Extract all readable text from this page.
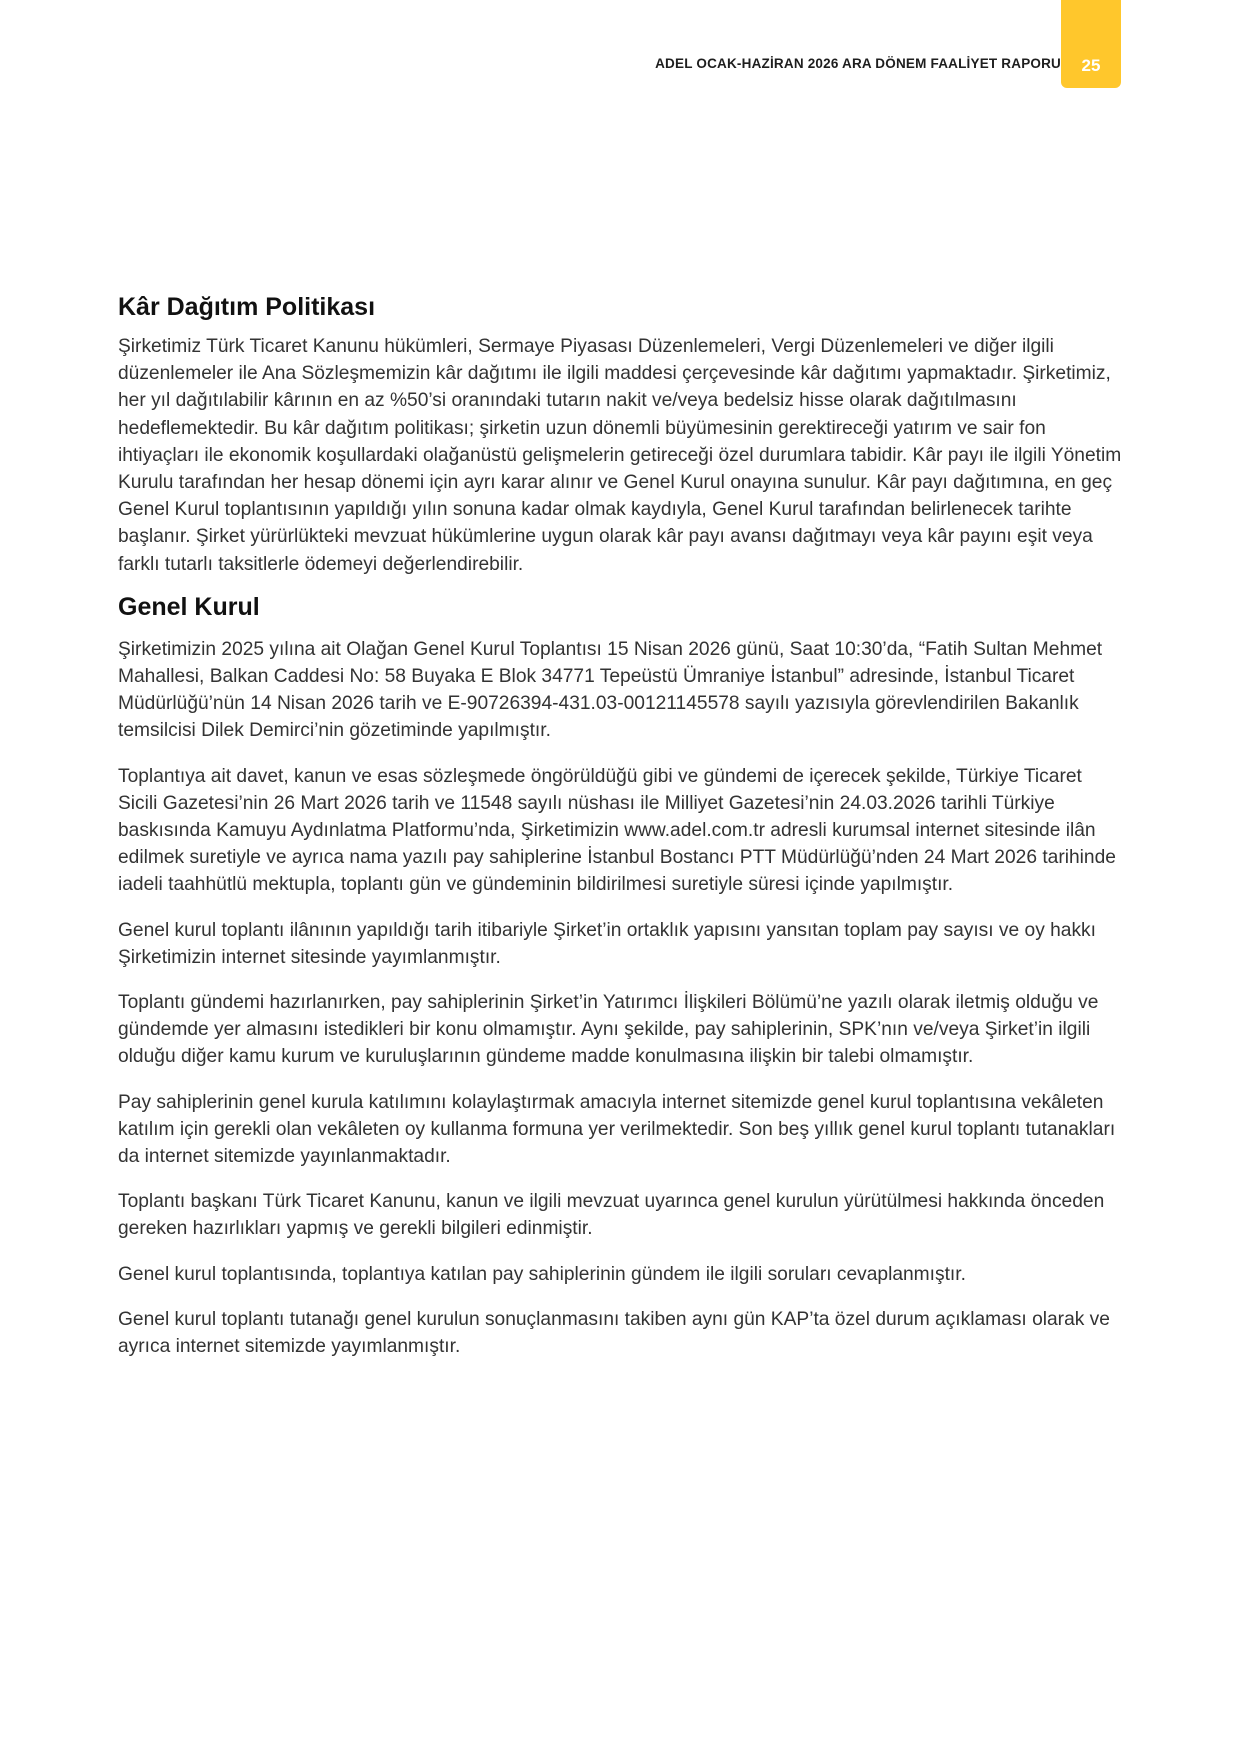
ADEL OCAK-HAZİRAN 2026 ARA DÖNEM FAALİYET RAPORU	25
Kâr Dağıtım Politikası

Şirketimiz Türk Ticaret Kanunu hükümleri, Sermaye Piyasası Düzenlemeleri, Vergi Düzenlemeleri ve diğer ilgili düzenlemeler ile Ana Sözleşmemizin kâr dağıtımı ile ilgili maddesi çerçevesinde kâr dağıtımı yapmaktadır. Şirketimiz, her yıl dağıtılabilir kârının en az %50’si oranındaki tutarın nakit ve/veya bedelsiz hisse olarak dağıtılmasını hedeflemektedir. Bu kâr dağıtım politikası; şirketin uzun dönemli büyümesinin gerektireceği yatırım ve sair fon ihtiyaçları ile ekonomik koşullardaki olağanüstü gelişmelerin getireceği özel durumlara tabidir. Kâr payı ile ilgili Yönetim Kurulu tarafından her hesap dönemi için ayrı karar alınır ve Genel Kurul onayına sunulur. Kâr payı dağıtımına, en geç Genel Kurul toplantısının yapıldığı yılın sonuna kadar olmak kaydıyla, Genel Kurul tarafından belirlenecek tarihte başlanır. Şirket yürürlükteki mevzuat hükümlerine uygun olarak kâr payı avansı dağıtmayı veya kâr payını eşit veya farklı tutarlı taksitlerle ödemeyi değerlendirebilir.

Genel Kurul

Şirketimizin 2025 yılına ait Olağan Genel Kurul Toplantısı 15 Nisan 2026 günü, Saat 10:30’da, “Fatih Sultan Mehmet Mahallesi, Balkan Caddesi No: 58 Buyaka E Blok 34771 Tepeüstü Ümraniye İstanbul” adresinde, İstanbul Ticaret Müdürlüğü’nün 14 Nisan 2026 tarih ve E-90726394-431.03-00121145578 sayılı yazısıyla görevlendirilen Bakanlık temsilcisi Dilek Demirci’nin gözetiminde yapılmıştır.

Toplantıya ait davet, kanun ve esas sözleşmede öngörüldüğü gibi ve gündemi de içerecek şekilde, Türkiye Ticaret Sicili Gazetesi’nin 26 Mart 2026 tarih ve 11548 sayılı nüshası ile Milliyet Gazetesi’nin 24.03.2026 tarihli Türkiye baskısında Kamuyu Aydınlatma Platformu’nda, Şirketimizin www.adel.com.tr adresli kurumsal internet sitesinde ilân edilmek suretiyle ve ayrıca nama yazılı pay sahiplerine İstanbul Bostancı PTT Müdürlüğü’nden 24 Mart 2026 tarihinde iadeli taahhütlü mektupla, toplantı gün ve gündeminin bildirilmesi suretiyle süresi içinde yapılmıştır.

Genel kurul toplantı ilânının yapıldığı tarih itibariyle Şirket’in ortaklık yapısını yansıtan toplam pay sayısı ve oy hakkı Şirketimizin internet sitesinde yayımlanmıştır.

Toplantı gündemi hazırlanırken, pay sahiplerinin Şirket’in Yatırımcı İlişkileri Bölümü’ne yazılı olarak iletmiş olduğu ve gündemde yer almasını istedikleri bir konu olmamıştır. Aynı şekilde, pay sahiplerinin, SPK’nın ve/veya Şirket’in ilgili olduğu diğer kamu kurum ve kuruluşlarının gündeme madde konulmasına ilişkin bir talebi olmamıştır.

Pay sahiplerinin genel kurula katılımını kolaylaştırmak amacıyla internet sitemizde genel kurul toplantısına vekâleten katılım için gerekli olan vekâleten oy kullanma formuna yer verilmektedir. Son beş yıllık genel kurul toplantı tutanakları da internet sitemizde yayınlanmaktadır.

Toplantı başkanı Türk Ticaret Kanunu, kanun ve ilgili mevzuat uyarınca genel kurulun yürütülmesi hakkında önceden gereken hazırlıkları yapmış ve gerekli bilgileri edinmiştir.

Genel kurul toplantısında, toplantıya katılan pay sahiplerinin gündem ile ilgili soruları cevaplanmıştır.

Genel kurul toplantı tutanağı genel kurulun sonuçlanmasını takiben aynı gün KAP’ta özel durum açıklaması olarak ve ayrıca internet sitemizde yayımlanmıştır.
